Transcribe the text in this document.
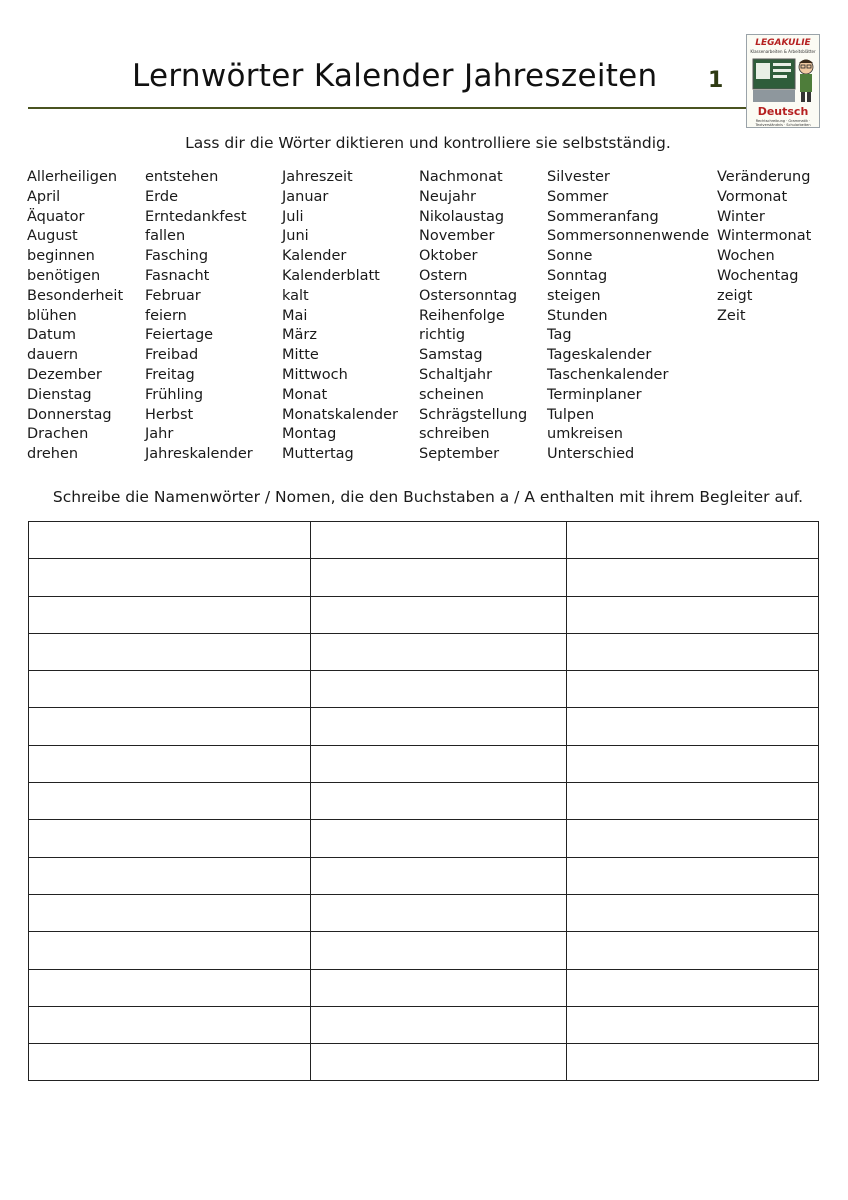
Lernwörter Kalender Jahreszeiten 1
LEGAKULIE
Klassenarbeiten & Arbeitsblätter
Deutsch
Rechtschreibung · Grammatik · Textverständnis · Schularbeiten
Lass dir die Wörter diktieren und kontrolliere sie selbstständig.
Allerheiligen
April
Äquator
August
beginnen
benötigen
Besonderheit
blühen
Datum
dauern
Dezember
Dienstag
Donnerstag
Drachen
drehen
entstehen
Erde
Erntedankfest
fallen
Fasching
Fasnacht
Februar
feiern
Feiertage
Freibad
Freitag
Frühling
Herbst
Jahr
Jahreskalender
Jahreszeit
Januar
Juli
Juni
Kalender
Kalenderblatt
kalt
Mai
März
Mitte
Mittwoch
Monat
Monatskalender
Montag
Muttertag
Nachmonat
Neujahr
Nikolaustag
November
Oktober
Ostern
Ostersonntag
Reihenfolge
richtig
Samstag
Schaltjahr
scheinen
Schrägstellung
schreiben
September
Silvester
Sommer
Sommeranfang
Sommersonnenwende
Sonne
Sonntag
steigen
Stunden
Tag
Tageskalender
Taschenkalender
Terminplaner
Tulpen
umkreisen
Unterschied
Veränderung
Vormonat
Winter
Wintermonat
Wochen
Wochentag
zeigt
Zeit
Schreibe die Namenwörter / Nomen, die den Buchstaben a / A enthalten mit ihrem Begleiter auf.
